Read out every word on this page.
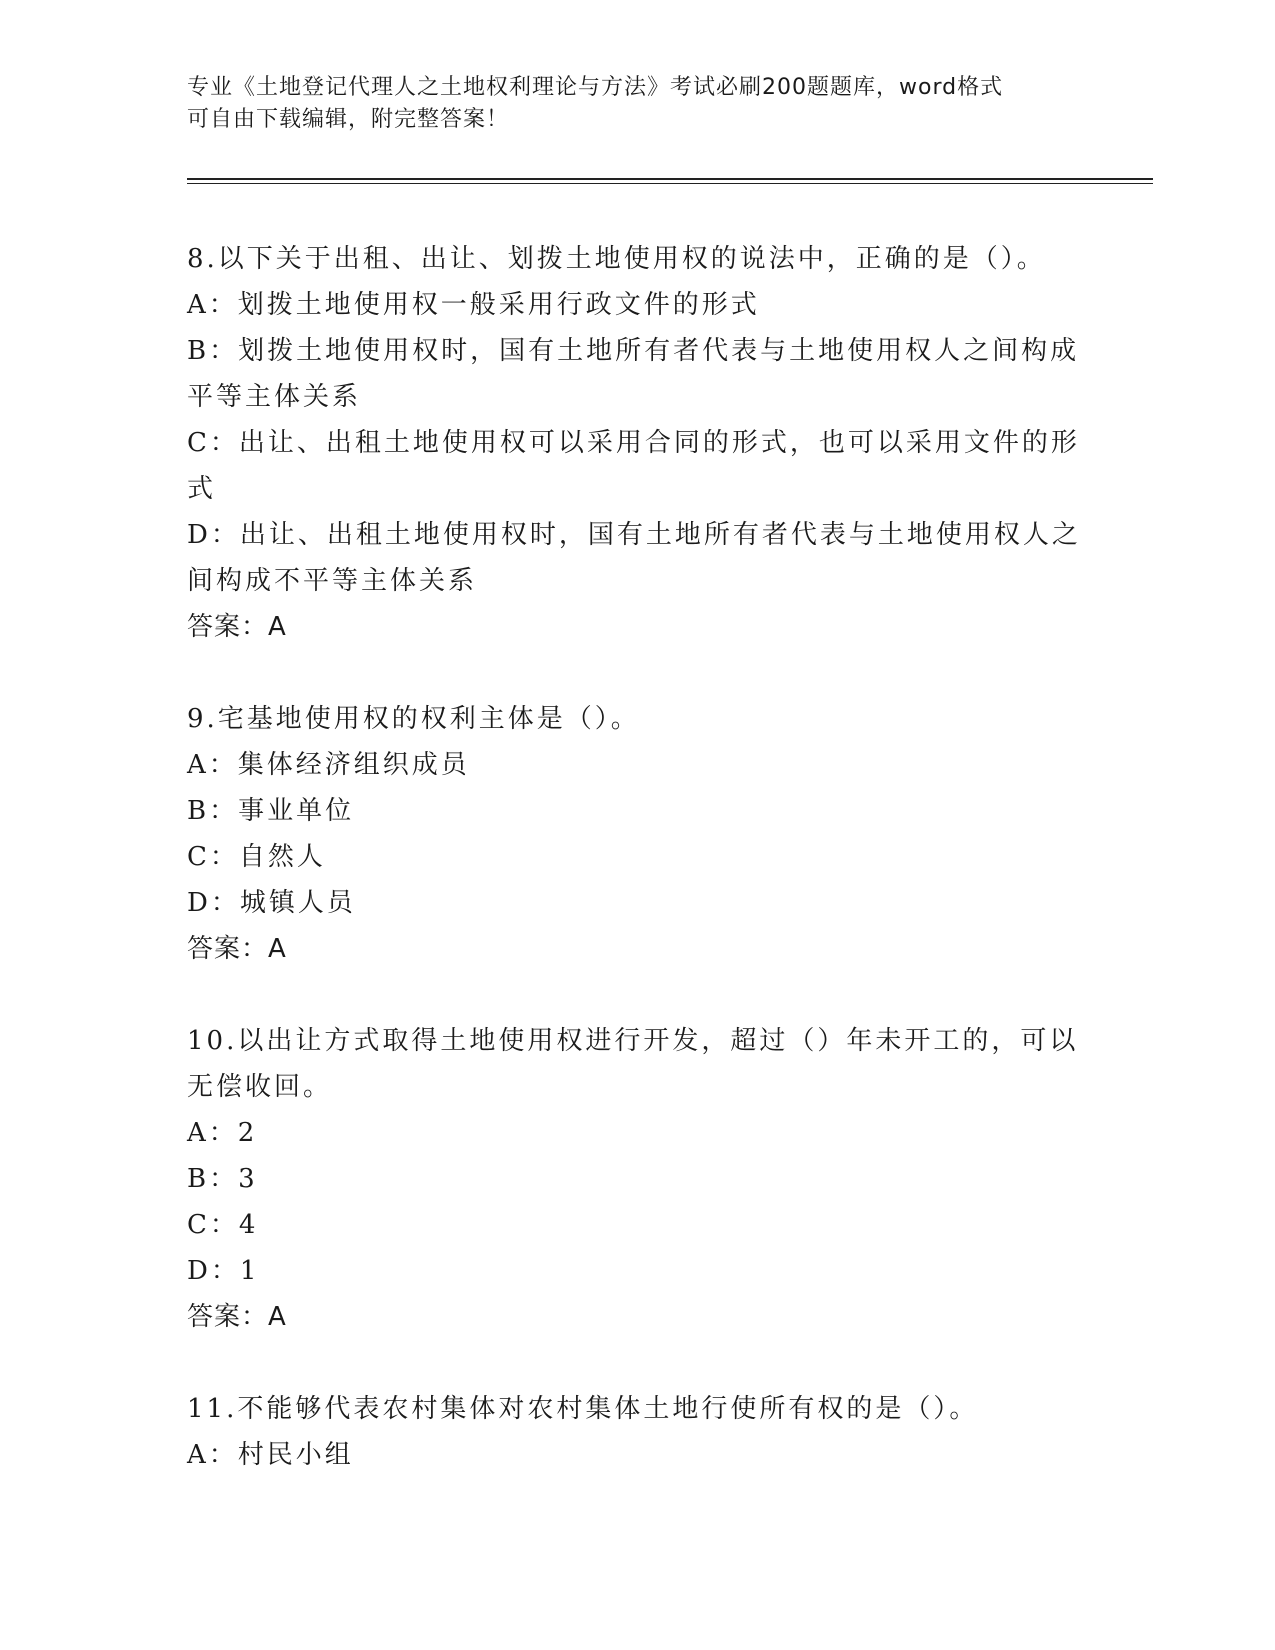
专业《土地登记代理人之土地权利理论与方法》考试必刷200题题库，word格式
可自由下载编辑，附完整答案！
8.以下关于出租、出让、划拨土地使用权的说法中，正确的是（）。
A：划拨土地使用权一般采用行政文件的形式
B：划拨土地使用权时，国有土地所有者代表与土地使用权人之间构成
平等主体关系
C：出让、出租土地使用权可以采用合同的形式，也可以采用文件的形
式
D：出让、出租土地使用权时，国有土地所有者代表与土地使用权人之
间构成不平等主体关系
答案：A
9.宅基地使用权的权利主体是（）。
A：集体经济组织成员
B：事业单位
C：自然人
D：城镇人员
答案：A
10.以出让方式取得土地使用权进行开发，超过（）年未开工的，可以
无偿收回。
A：2
B：3
C：4
D：1
答案：A
11.不能够代表农村集体对农村集体土地行使所有权的是（）。
A：村民小组
